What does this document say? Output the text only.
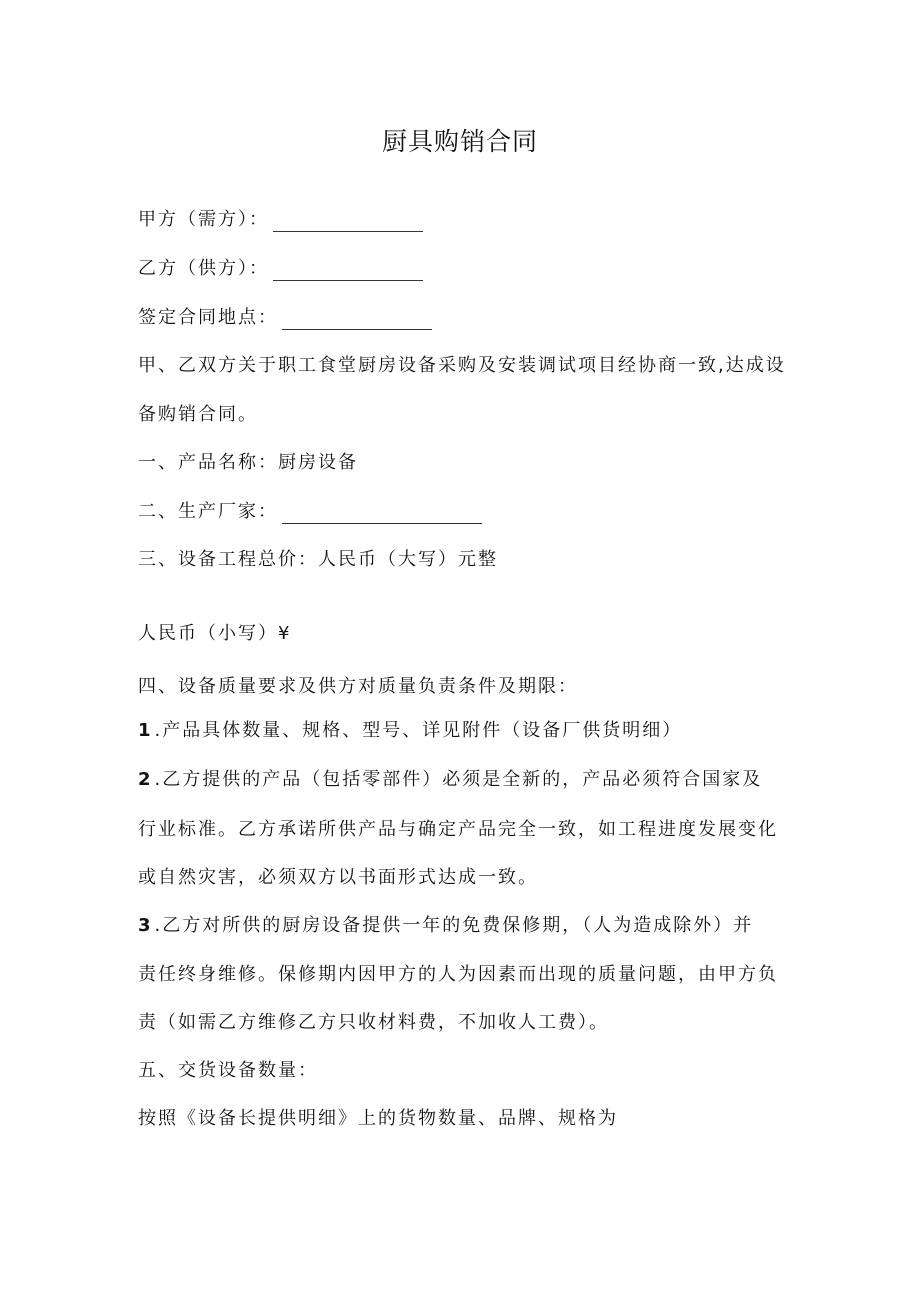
厨具购销合同
甲方（需方）：
乙方（供方）：
签定合同地点：
甲、乙双方关于职工食堂厨房设备采购及安装调试项目经协商一致,达成设
备购销合同。
一、产品名称：厨房设备
二、生产厂家：
三、设备工程总价：人民币（大写）元整
人民币（小写）¥
四、设备质量要求及供方对质量负责条件及期限：
1 .产品具体数量、规格、型号、详见附件（设备厂供货明细）
2 .乙方提供的产品（包括零部件）必须是全新的，产品必须符合国家及
行业标准。乙方承诺所供产品与确定产品完全一致，如工程进度发展变化
或自然灾害，必须双方以书面形式达成一致。
3 .乙方对所供的厨房设备提供一年的免费保修期，（人为造成除外）并
责任终身维修。保修期内因甲方的人为因素而出现的质量问题，由甲方负
责（如需乙方维修乙方只收材料费，不加收人工费）。
五、交货设备数量：
按照《设备长提供明细》上的货物数量、品牌、规格为
